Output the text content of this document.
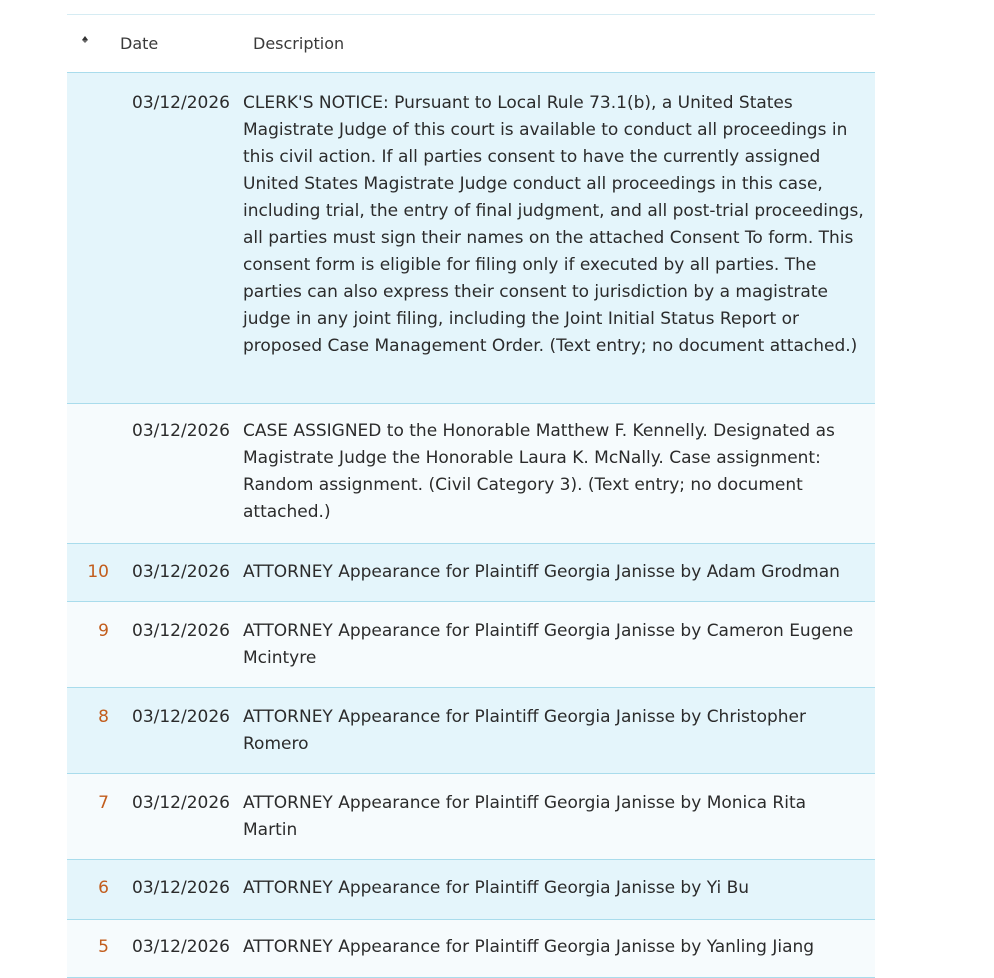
Date	Description
03/12/2026 CLERK'S NOTICE: Pursuant to Local Rule 73.1(b), a United States Magistrate Judge of this court is available to conduct all proceedings in this civil action. If all parties consent to have the currently assigned United States Magistrate Judge conduct all proceedings in this case, including trial, the entry of final judgment, and all post-trial proceedings, all parties must sign their names on the attached Consent To form. This consent form is eligible for filing only if executed by all parties. The parties can also express their consent to jurisdiction by a magistrate judge in any joint filing, including the Joint Initial Status Report or proposed Case Management Order. (Text entry; no document attached.)
03/12/2026 CASE ASSIGNED to the Honorable Matthew F. Kennelly. Designated as Magistrate Judge the Honorable Laura K. McNally. Case assignment: Random assignment. (Civil Category 3). (Text entry; no document attached.)
10 03/12/2026 ATTORNEY Appearance for Plaintiff Georgia Janisse by Adam Grodman
9 03/12/2026 ATTORNEY Appearance for Plaintiff Georgia Janisse by Cameron Eugene Mcintyre
8 03/12/2026 ATTORNEY Appearance for Plaintiff Georgia Janisse by Christopher Romero
7 03/12/2026 ATTORNEY Appearance for Plaintiff Georgia Janisse by Monica Rita Martin
6 03/12/2026 ATTORNEY Appearance for Plaintiff Georgia Janisse by Yi Bu
5 03/12/2026 ATTORNEY Appearance for Plaintiff Georgia Janisse by Yanling Jiang
